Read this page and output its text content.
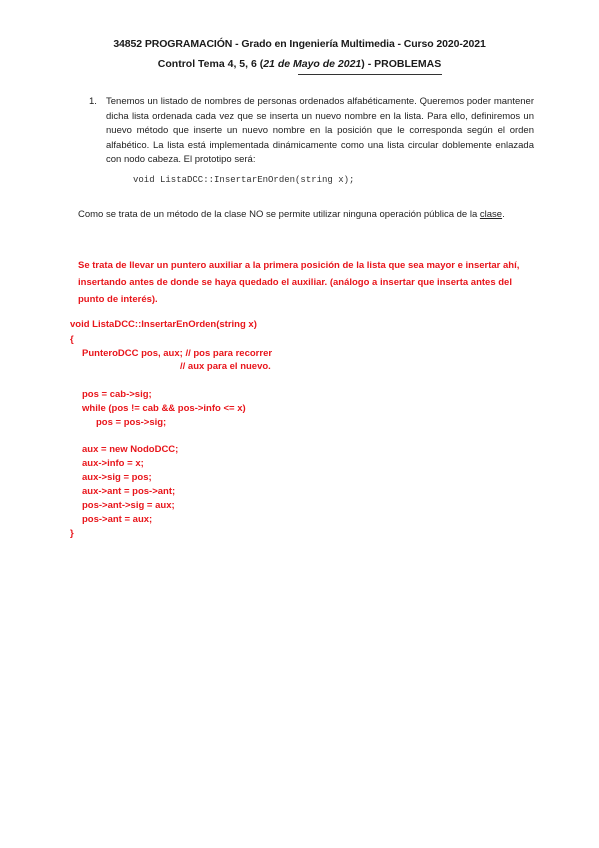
34852 PROGRAMACIÓN - Grado en Ingeniería Multimedia - Curso 2020-2021
Control Tema 4, 5, 6 (21 de Mayo de 2021) - PROBLEMAS
1. Tenemos un listado de nombres de personas ordenados alfabéticamente. Queremos poder mantener dicha lista ordenada cada vez que se inserta un nuevo nombre en la lista. Para ello, definiremos un nuevo método que inserte un nuevo nombre en la posición que le corresponda según el orden alfabético. La lista está implementada dinámicamente como una lista circular doblemente enlazada con nodo cabeza. El prototipo será:
void ListaDCC::InsertarEnOrden(string x);
Como se trata de un método de la clase NO se permite utilizar ninguna operación pública de la clase.
Se trata de llevar un puntero auxiliar a la primera posición de la lista que sea mayor e insertar ahí, insertando antes de donde se haya quedado el auxiliar. (análogo a insertar que inserta antes del punto de interés).
void ListaDCC::InsertarEnOrden(string x)
{
PunteroDCC pos, aux; // pos para recorrer
// aux para el nuevo.
pos = cab->sig;
while (pos != cab && pos->info <= x)
pos = pos->sig;
aux = new NodoDCC;
aux->info = x;
aux->sig = pos;
aux->ant = pos->ant;
pos->ant->sig = aux;
pos->ant = aux;
}
